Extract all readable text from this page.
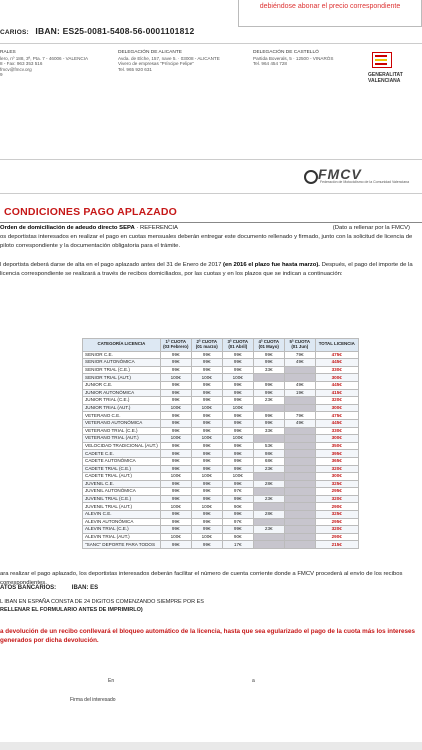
debiéndose abonar el precio correspondiente
CARIOS: IBAN: ES25-0081-5408-56-0001101812
RALES
lero, nº 188, 3ª, Pta. 7 - 46006 - VALENCIA
8 - Fax: 963 353 516
fmcv@fmcv.org
9
DELEGACIÓN DE ALICANTE
Avda. de Elche, 157, nave 5. · 03008 - ALICANTE
Vivero de empresas "Príncipe Felipe"
Tel. 965 920 631
DELEGACIÓN DE CASTELLÓ
Partida Boverals, 5 · 12500 - VINARÒS
Tel. 964 454 728
GENERALITAT VALENCIANA
FMCV
Federación de Motociclismo de la Comunidad Valenciana
CONDICIONES PAGO APLAZADO
Orden de domiciliación de adeudo directo SEPA · REFERENCIA	(Dato a rellenar por la FMCV)
os deportistas interesados en realizar el pago en cuotas mensuales deberán entregar este documento rellenado y firmado, junto con la solicitud de licencia de piloto correspondiente y la documentación obligatoria para el trámite.
l deportista deberá darse de alta en el pago aplazado antes del 31 de Enero de 2017 (en 2016 el plazo fue hasta marzo). Después, el pago del importe de la licencia correspondiente se realizará a través de recibos domiciliados, por las cuotas y en los plazos que se indican a continuación:
CATEGORÍA LICENCIA	1ª CUOTA (03 Febrero)	2ª CUOTA (01 marzo)	3ª CUOTA (01 Abril)	4ª CUOTA (01 Mayo)	5ª CUOTA (01 Jun)	TOTAL LICENCIA
SENIOR C.E.	99€	99€	99€	99€	79€	475€
SENIOR AUTONÓMICA	99€	99€	99€	99€	49€	445€
SENIOR TRIAL (C.E.)	99€	99€	99€	33€		330€
SENIOR TRIAL (AUT.)	100€	100€	100€			300€
JUNIOR C.E.	99€	99€	99€	99€	49€	445€
JUNIOR AUTONÓMICA	99€	99€	99€	99€	19€	415€
JUNIOR TRIAL (C.E.)	99€	99€	99€	23€		320€
JUNIOR TRIAL (AUT.)	100€	100€	100€			300€
VETERANO C.E.	99€	99€	99€	99€	79€	475€
VETERANO AUTONÓMICA	99€	99€	99€	99€	49€	445€
VETERANO TRIAL (C.E.)	99€	99€	99€	33€		330€
VETERANO TRIAL (AUT.)	100€	100€	100€			300€
VELOCIDAD TRADICIONAL (AUT.)	99€	99€	99€	53€		350€
CADETE C.E.	99€	99€	99€	98€		395€
CADETE AUTONÓMICA	99€	99€	99€	68€		365€
CADETE TRIAL (C.E.)	99€	99€	99€	23€		320€
CADETE TRIAL (AUT.)	100€	100€	100€			300€
JUVENIL C.E.	99€	99€	99€	28€		325€
JUVENIL AUTONÓMICA	99€	99€	97€			295€
JUVENIL TRIAL (C.E.)	99€	99€	99€	23€		320€
JUVENIL TRIAL (AUT.)	100€	100€	90€			290€
ALEVIN C.E.	99€	99€	99€	28€		325€
ALEVIN AUTONÓMICA	99€	99€	97€			295€
ALEVIN TRIAL (C.E.)	99€	99€	99€	23€		320€
ALEVIN TRIAL (AUT.)	100€	100€	90€			290€
"SANC" DEPORTE PARA TODOS	99€	99€	17€			215€
ara realizar el pago aplazado, los deportistas interesados deberán facilitar el número de cuenta corriente donde a FMCV procederá al envío de los recibos correspondientes.
ATOS BANCARIOS:	IBAN: ES
L IBAN EN ESPAÑA CONSTA DE 24 DIGITOS COMENZANDO SIEMPRE POR ES
RELLENAR EL FORMULARIO ANTES DE IMPRIMIRLO)
a devolución de un recibo conllevará el bloqueo automático de la licencia, hasta que sea egularizado el pago de la cuota más los intereses generados por dicha devolución.
En	a
Firma del interesado
